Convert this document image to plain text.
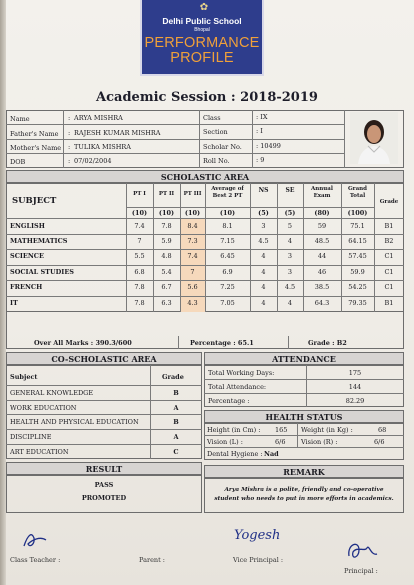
✿
Delhi Public School
Bhopal
PERFORMANCE
PROFILE
Academic Session : 2018-2019
Name	: ARYA MISHRA
Father's Name : RAJESH KUMAR MISHRA
Mother's Name : TULIKA MISHRA
DOB	: 07/02/2004
Class	: IX
Section	: I
Scholar No. : 10499
Roll No.	: 9
SCHOLASTIC AREA
SUBJECT
PT I	PT II	PT III
Average of Best 2 PT
NS	SE	Annual Exam
Grand Total
Grade
(10)	(10)	(10)	(10)	(5)	(5)	(80)	(100)
ENGLISH	7.4	7.8	8.4	8.1	3	5	59	75.1	B1
MATHEMATICS	7	5.9	7.3	7.15	4.5	4	48.5	64.15	B2
SCIENCE	5.5	4.8	7.4	6.45	4	3	44	57.45	C1
SOCIAL STUDIES	6.8	5.4	7	6.9	4	3	46	59.9	C1
FRENCH	7.8	6.7	5.6	7.25	4	4.5	38.5	54.25	C1
IT	7.8	6.3	4.3	7.05	4	4	64.3	79.35	B1
Over All Marks : 390.3/600	Percentage : 65.1	Grade : B2
CO-SCHOLASTIC AREA
Subject	Grade
GENERAL KNOWLEDGE	B
WORK EDUCATION	A
HEALTH AND PHYSICAL EDUCATION	B
DISCIPLINE	A
ART EDUCATION	C
ATTENDANCE
Total Working Days:	175
Total Attendance:	144
Percentage :	82.29
HEALTH STATUS
Height (in Cm) : 165 Weight (in Kg) :	68
Vision (L) :	6/6 Vision (R) :	6/6
Dental Hygiene : Nad
RESULT
PASS
PROMOTED
REMARK
Arya Mishra is a polite, friendly and co-operative
student who needs to put in more efforts in academics.
Yogesh
Class Teacher :	Parent :	Vice Principal :
Principal :
